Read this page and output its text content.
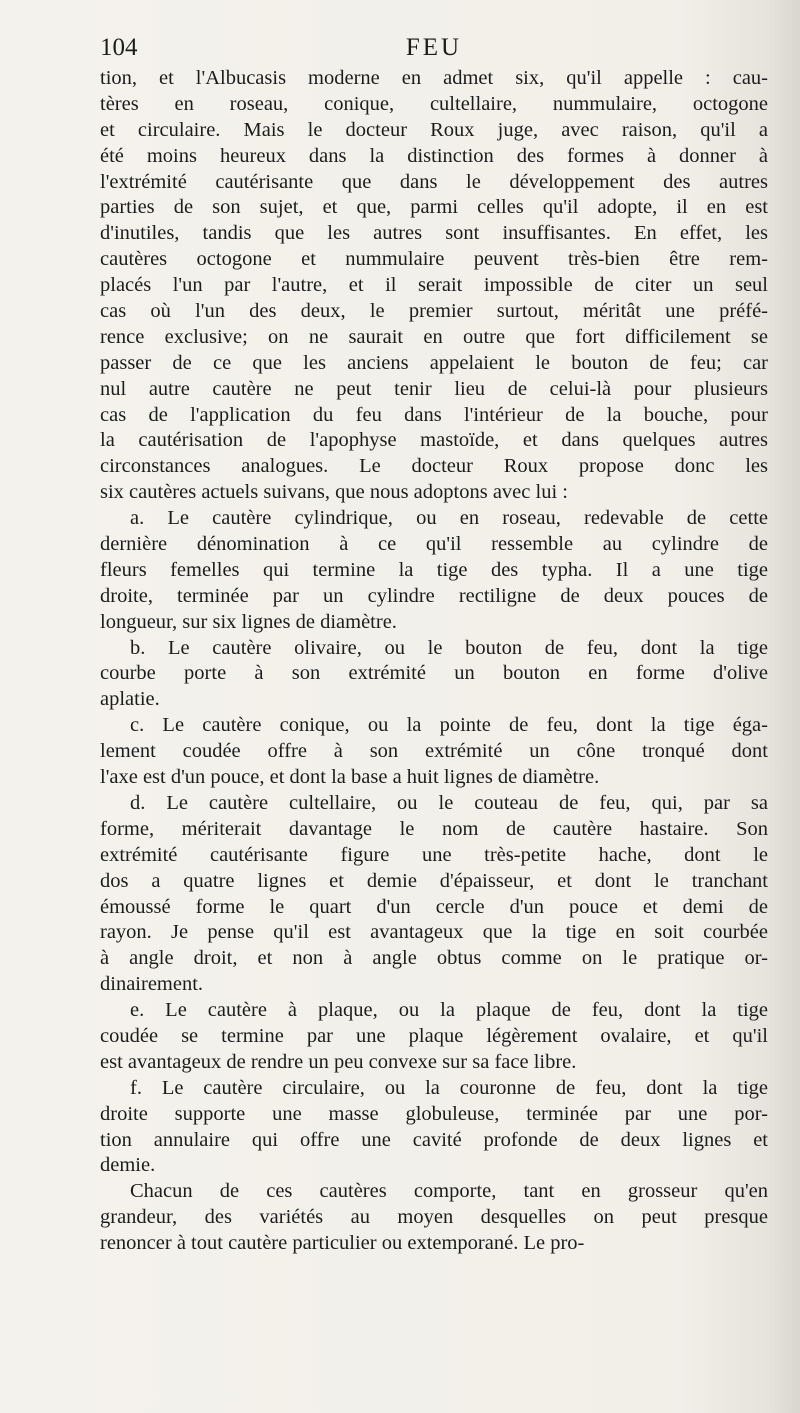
104	FEU
tion, et l'Albucasis moderne en admet six, qu'il appelle : cau-
tères en roseau, conique, cultellaire, nummulaire, octogone
et circulaire. Mais le docteur Roux juge, avec raison, qu'il a
été moins heureux dans la distinction des formes à donner à
l'extrémité cautérisante que dans le développement des autres
parties de son sujet, et que, parmi celles qu'il adopte, il en est
d'inutiles, tandis que les autres sont insuffisantes. En effet, les
cautères octogone et nummulaire peuvent très-bien être rem-
placés l'un par l'autre, et il serait impossible de citer un seul
cas où l'un des deux, le premier surtout, méritât une préfé-
rence exclusive; on ne saurait en outre que fort difficilement se
passer de ce que les anciens appelaient le bouton de feu; car
nul autre cautère ne peut tenir lieu de celui-là pour plusieurs
cas de l'application du feu dans l'intérieur de la bouche, pour
la cautérisation de l'apophyse mastoïde, et dans quelques autres
circonstances analogues. Le docteur Roux propose donc les
six cautères actuels suivans, que nous adoptons avec lui :
a. Le cautère cylindrique, ou en roseau, redevable de cette
dernière dénomination à ce qu'il ressemble au cylindre de
fleurs femelles qui termine la tige des typha. Il a une tige
droite, terminée par un cylindre rectiligne de deux pouces de
longueur, sur six lignes de diamètre.
b. Le cautère olivaire, ou le bouton de feu, dont la tige
courbe porte à son extrémité un bouton en forme d'olive
aplatie.
c. Le cautère conique, ou la pointe de feu, dont la tige éga-
lement coudée offre à son extrémité un cône tronqué dont
l'axe est d'un pouce, et dont la base a huit lignes de diamètre.
d. Le cautère cultellaire, ou le couteau de feu, qui, par sa
forme, mériterait davantage le nom de cautère hastaire. Son
extrémité cautérisante figure une très-petite hache, dont le
dos a quatre lignes et demie d'épaisseur, et dont le tranchant
émoussé forme le quart d'un cercle d'un pouce et demi de
rayon. Je pense qu'il est avantageux que la tige en soit courbée
à angle droit, et non à angle obtus comme on le pratique or-
dinairement.
e. Le cautère à plaque, ou la plaque de feu, dont la tige
coudée se termine par une plaque légèrement ovalaire, et qu'il
est avantageux de rendre un peu convexe sur sa face libre.
f. Le cautère circulaire, ou la couronne de feu, dont la tige
droite supporte une masse globuleuse, terminée par une por-
tion annulaire qui offre une cavité profonde de deux lignes et
demie.
Chacun de ces cautères comporte, tant en grosseur qu'en
grandeur, des variétés au moyen desquelles on peut presque
renoncer à tout cautère particulier ou extemporané. Le pro-
